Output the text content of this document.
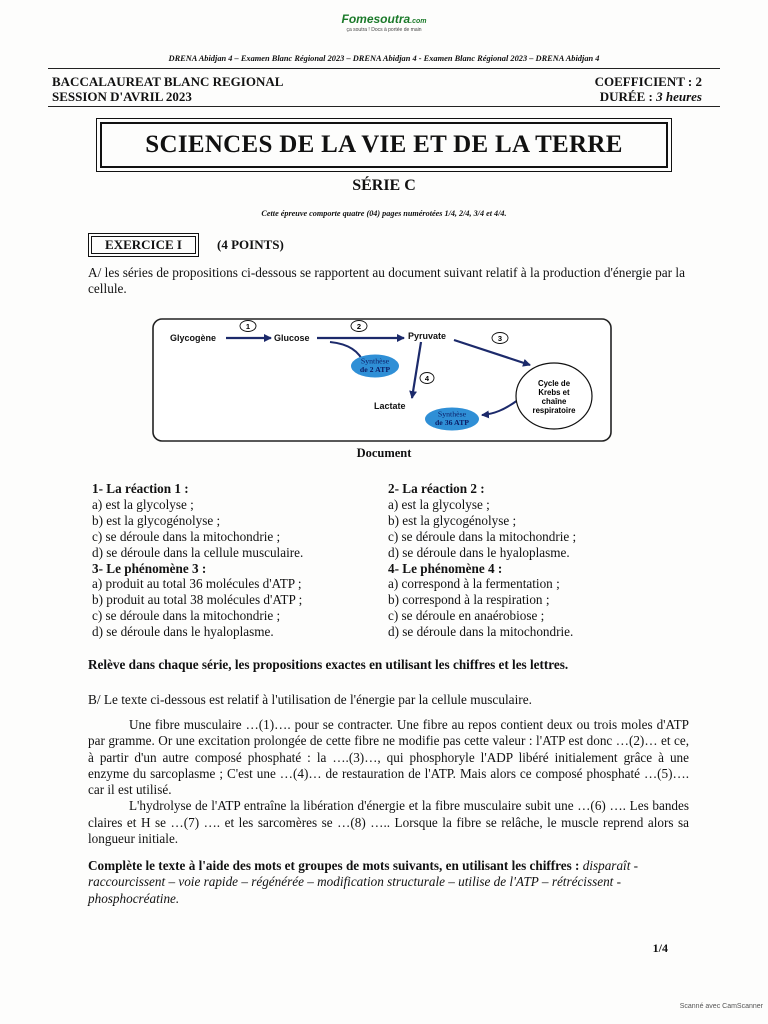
Fomesoutra.com
ça soutra ! Docs à portée de main
DRENA Abidjan 4 – Examen Blanc Régional 2023 – DRENA Abidjan 4 - Examen Blanc Régional 2023 – DRENA Abidjan 4
BACCALAUREAT BLANC REGIONAL
SESSION D'AVRIL 2023
COEFFICIENT : 2
DURÉE : 3 heures
SCIENCES DE LA VIE ET DE LA TERRE
SÉRIE C
Cette épreuve comporte quatre (04) pages numérotées 1/4, 2/4, 3/4 et 4/4.
EXERCICE I	(4 POINTS)
A/ les séries de propositions ci-dessous se rapportent au document suivant relatif à la production d'énergie par la cellule.
Glycogène	Glucose	Pyruvate
Lactate
1	2
3
4
Synthèse
de 2 ATP
Synthèse
de 36 ATP
Cycle de
Krebs et
chaîne
respiratoire
Document
1- La réaction 1 :
a) est la glycolyse ;
b) est la glycogénolyse ;
c) se déroule dans la mitochondrie ;
d) se déroule dans la cellule musculaire.
3- Le phénomène 3 :
a) produit au total 36 molécules d'ATP ;
b) produit au total 38 molécules d'ATP ;
c) se déroule dans la mitochondrie ;
d) se déroule dans le hyaloplasme.
2- La réaction 2 :
a) est la glycolyse ;
b) est la glycogénolyse ;
c) se déroule dans la mitochondrie ;
d) se déroule dans le hyaloplasme.
4- Le phénomène 4 :
a) correspond à la fermentation ;
b) correspond à la respiration ;
c) se déroule en anaérobiose ;
d) se déroule dans la mitochondrie.
Relève dans chaque série, les propositions exactes en utilisant les chiffres et les lettres.
B/ Le texte ci-dessous est relatif à l'utilisation de l'énergie par la cellule musculaire.

Une fibre musculaire …(1)…. pour se contracter. Une fibre au repos contient deux ou trois moles d'ATP par gramme. Or une excitation prolongée de cette fibre ne modifie pas cette valeur : l'ATP est donc …(2)… et ce, à partir d'un autre composé phosphaté : la ….(3)…, qui phosphoryle l'ADP libéré initialement grâce à une enzyme du sarcoplasme ; C'est une …(4)… de restauration de l'ATP. Mais alors ce composé phosphaté …(5)…. car il est utilisé.

L'hydrolyse de l'ATP entraîne la libération d'énergie et la fibre musculaire subit une …(6) …. Les bandes claires et H se …(7) …. et les sarcomères se …(8) ….. Lorsque la fibre se relâche, le muscle reprend alors sa longueur initiale.

Complète le texte à l'aide des mots et groupes de mots suivants, en utilisant les chiffres : disparaît - raccourcissent – voie rapide – régénérée – modification structurale – utilise de l'ATP – rétrécissent - phosphocréatine.
1/4
Scanné avec CamScanner
